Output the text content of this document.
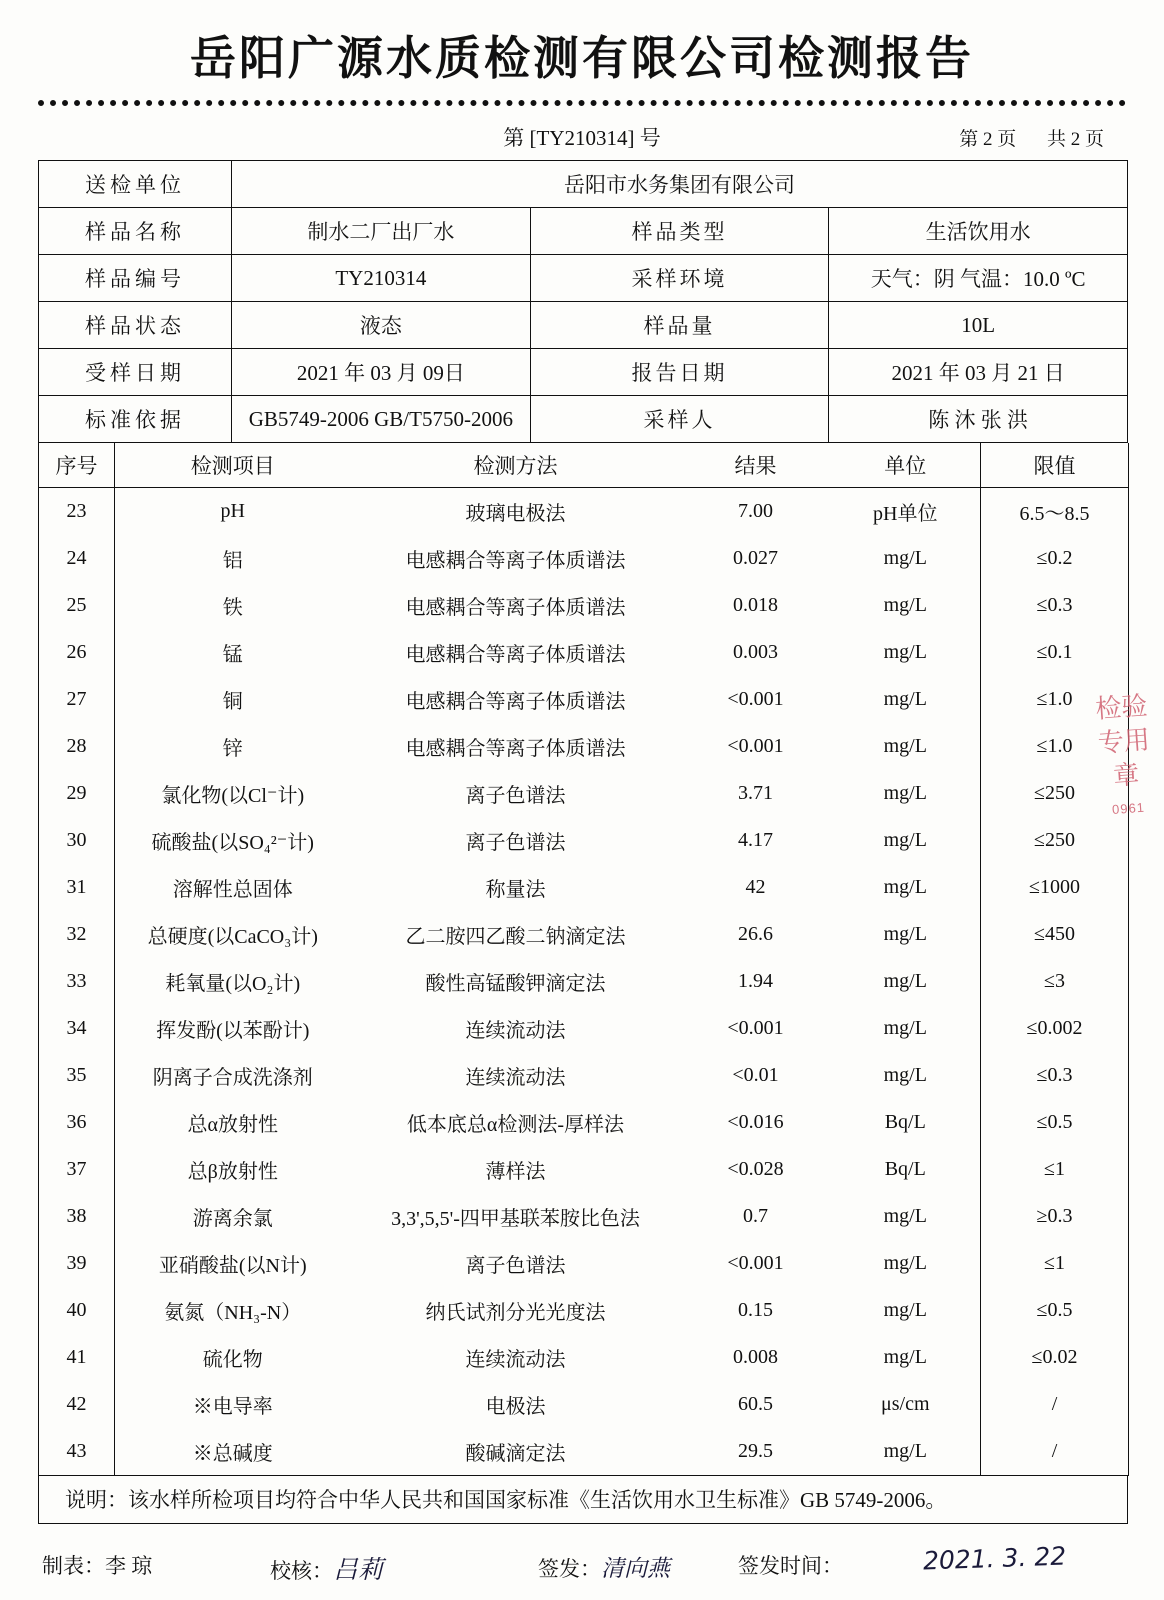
岳阳广源水质检测有限公司检测报告
第 [TY210314] 号	第 2 页 共 2 页
送检单位	岳阳市水务集团有限公司		
样品名称	制水二厂出厂水	样品类型	生活饮用水
样品编号	TY210314	采样环境	天气：阴 气温：10.0 ºC
样品状态	液态	样品量	10L
受样日期	2021 年 03 月 09日	报告日期	2021 年 03 月 21 日
标准依据	GB5749-2006 GB/T5750-2006	采样人	陈 沐 张 洪
序号	检测项目	检测方法	结果	单位	限值
23	pH	玻璃电极法	7.00	pH单位	6.5～8.5
24	铝	电感耦合等离子体质谱法	0.027	mg/L	≤0.2
25	铁	电感耦合等离子体质谱法	0.018	mg/L	≤0.3
26	锰	电感耦合等离子体质谱法	0.003	mg/L	≤0.1
27	铜	电感耦合等离子体质谱法	<0.001	mg/L	≤1.0
28	锌	电感耦合等离子体质谱法	<0.001	mg/L	≤1.0
29	氯化物(以Cl⁻计)	离子色谱法	3.71	mg/L	≤250
30	硫酸盐(以SO₄²⁻计)	离子色谱法	4.17	mg/L	≤250
31	溶解性总固体	称量法	42	mg/L	≤1000
32	总硬度(以CaCO₃计)	乙二胺四乙酸二钠滴定法	26.6	mg/L	≤450
33	耗氧量(以O₂计)	酸性高锰酸钾滴定法	1.94	mg/L	≤3
34	挥发酚(以苯酚计)	连续流动法	<0.001	mg/L	≤0.002
35	阴离子合成洗涤剂	连续流动法	<0.01	mg/L	≤0.3
36	总α放射性	低本底总α检测法-厚样法	<0.016	Bq/L	≤0.5
37	总β放射性	薄样法	<0.028	Bq/L	≤1
38	游离余氯	3,3',5,5'-四甲基联苯胺比色法	0.7	mg/L	≥0.3
39	亚硝酸盐(以N计)	离子色谱法	<0.001	mg/L	≤1
40	氨氮（NH₃-N）	纳氏试剂分光光度法	0.15	mg/L	≤0.5
41	硫化物	连续流动法	0.008	mg/L	≤0.02
42	※电导率	电极法	60.5	μs/cm	/
43	※总碱度	酸碱滴定法	29.5	mg/L	/
说明：该水样所检项目均符合中华人民共和国国家标准《生活饮用水卫生标准》GB 5749-2006。
制表：李 琼	校核：吕莉	签发：清向燕	签发时间：	2021. 3. 22
检验专用章
0961
